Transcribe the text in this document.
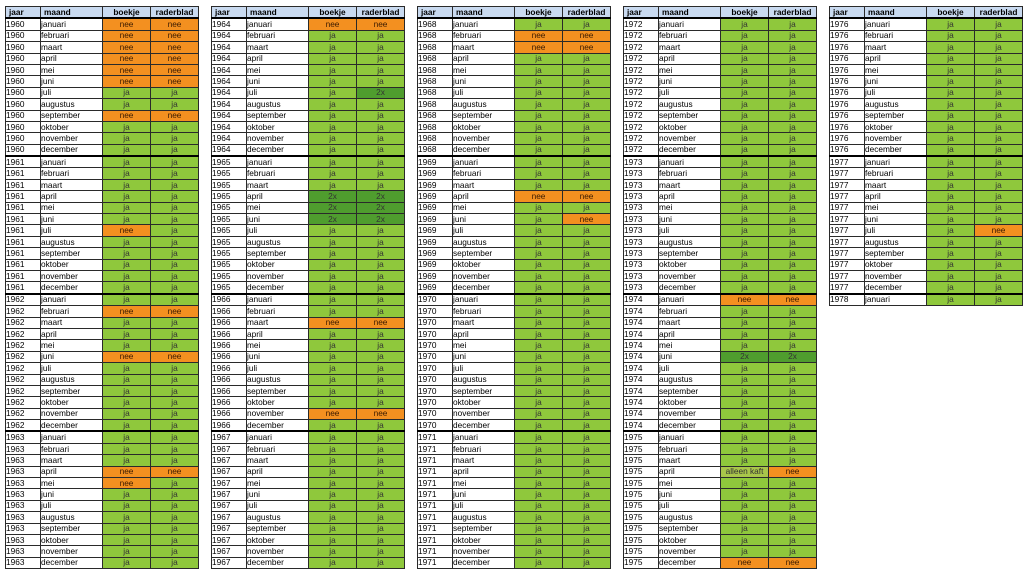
jaar	maand	boekje	raderblad
1960	januari	nee	nee
1960	februari	nee	nee
1960	maart	nee	nee
1960	april	nee	nee
1960	mei	nee	nee
1960	juni	nee	nee
1960	juli	ja	ja
1960	augustus	ja	ja
1960	september	nee	nee
1960	oktober	ja	ja
1960	november	ja	ja
1960	december	ja	ja
1961	januari	ja	ja
1961	februari	ja	ja
1961	maart	ja	ja
1961	april	ja	ja
1961	mei	ja	ja
1961	juni	ja	ja
1961	juli	nee	ja
1961	augustus	ja	ja
1961	september	ja	ja
1961	oktober	ja	ja
1961	november	ja	ja
1961	december	ja	ja
1962	januari	ja	ja
1962	februari	nee	nee
1962	maart	ja	ja
1962	april	ja	ja
1962	mei	ja	ja
1962	juni	nee	nee
1962	juli	ja	ja
1962	augustus	ja	ja
1962	september	ja	ja
1962	oktober	ja	ja
1962	november	ja	ja
1962	december	ja	ja
1963	januari	ja	ja
1963	februari	ja	ja
1963	maart	ja	ja
1963	april	nee	nee
1963	mei	nee	ja
1963	juni	ja	ja
1963	juli	ja	ja
1963	augustus	ja	ja
1963	september	ja	ja
1963	oktober	ja	ja
1963	november	ja	ja
1963	december	ja	ja
jaar	maand	boekje	raderblad
1964	januari	nee	nee
1964	februari	ja	ja
1964	maart	ja	ja
1964	april	ja	ja
1964	mei	ja	ja
1964	juni	ja	ja
1964	juli	ja	2x
1964	augustus	ja	ja
1964	september	ja	ja
1964	oktober	ja	ja
1964	november	ja	ja
1964	december	ja	ja
1965	januari	ja	ja
1965	februari	ja	ja
1965	maart	ja	ja
1965	april	2x	2x
1965	mei	2x	2x
1965	juni	2x	2x
1965	juli	ja	ja
1965	augustus	ja	ja
1965	september	ja	ja
1965	oktober	ja	ja
1965	november	ja	ja
1965	december	ja	ja
1966	januari	ja	ja
1966	februari	ja	ja
1966	maart	nee	nee
1966	april	ja	ja
1966	mei	ja	ja
1966	juni	ja	ja
1966	juli	ja	ja
1966	augustus	ja	ja
1966	september	ja	ja
1966	oktober	ja	ja
1966	november	nee	nee
1966	december	ja	ja
1967	januari	ja	ja
1967	februari	ja	ja
1967	maart	ja	ja
1967	april	ja	ja
1967	mei	ja	ja
1967	juni	ja	ja
1967	juli	ja	ja
1967	augustus	ja	ja
1967	september	ja	ja
1967	oktober	ja	ja
1967	november	ja	ja
1967	december	ja	ja
jaar	maand	boekje	raderblad
1968	januari	ja	ja
1968	februari	nee	nee
1968	maart	nee	nee
1968	april	ja	ja
1968	mei	ja	ja
1968	juni	ja	ja
1968	juli	ja	ja
1968	augustus	ja	ja
1968	september	ja	ja
1968	oktober	ja	ja
1968	november	ja	ja
1968	december	ja	ja
1969	januari	ja	ja
1969	februari	ja	ja
1969	maart	ja	ja
1969	april	nee	nee
1969	mei	ja	ja
1969	juni	ja	nee
1969	juli	ja	ja
1969	augustus	ja	ja
1969	september	ja	ja
1969	oktober	ja	ja
1969	november	ja	ja
1969	december	ja	ja
1970	januari	ja	ja
1970	februari	ja	ja
1970	maart	ja	ja
1970	april	ja	ja
1970	mei	ja	ja
1970	juni	ja	ja
1970	juli	ja	ja
1970	augustus	ja	ja
1970	september	ja	ja
1970	oktober	ja	ja
1970	november	ja	ja
1970	december	ja	ja
1971	januari	ja	ja
1971	februari	ja	ja
1971	maart	ja	ja
1971	april	ja	ja
1971	mei	ja	ja
1971	juni	ja	ja
1971	juli	ja	ja
1971	augustus	ja	ja
1971	september	ja	ja
1971	oktober	ja	ja
1971	november	ja	ja
1971	december	ja	ja
jaar	maand	boekje	raderblad
1972	januari	ja	ja
1972	februari	ja	ja
1972	maart	ja	ja
1972	april	ja	ja
1972	mei	ja	ja
1972	juni	ja	ja
1972	juli	ja	ja
1972	augustus	ja	ja
1972	september	ja	ja
1972	oktober	ja	ja
1972	november	ja	ja
1972	december	ja	ja
1973	januari	ja	ja
1973	februari	ja	ja
1973	maart	ja	ja
1973	april	ja	ja
1973	mei	ja	ja
1973	juni	ja	ja
1973	juli	ja	ja
1973	augustus	ja	ja
1973	september	ja	ja
1973	oktober	ja	ja
1973	november	ja	ja
1973	december	ja	ja
1974	januari	nee	nee
1974	februari	ja	ja
1974	maart	ja	ja
1974	april	ja	ja
1974	mei	ja	ja
1974	juni	2x	2x
1974	juli	ja	ja
1974	augustus	ja	ja
1974	september	ja	ja
1974	oktober	ja	ja
1974	november	ja	ja
1974	december	ja	ja
1975	januari	ja	ja
1975	februari	ja	ja
1975	maart	ja	ja
1975	april	alleen kaft	nee
1975	mei	ja	ja
1975	juni	ja	ja
1975	juli	ja	ja
1975	augustus	ja	ja
1975	september	ja	ja
1975	oktober	ja	ja
1975	november	ja	ja
1975	december	nee	nee
jaar	maand	boekje	raderblad
1976	januari	ja	ja
1976	februari	ja	ja
1976	maart	ja	ja
1976	april	ja	ja
1976	mei	ja	ja
1976	juni	ja	ja
1976	juli	ja	ja
1976	augustus	ja	ja
1976	september	ja	ja
1976	oktober	ja	ja
1976	november	ja	ja
1976	december	ja	ja
1977	januari	ja	ja
1977	februari	ja	ja
1977	maart	ja	ja
1977	april	ja	ja
1977	mei	ja	ja
1977	juni	ja	ja
1977	juli	ja	nee
1977	augustus	ja	ja
1977	september	ja	ja
1977	oktober	ja	ja
1977	november	ja	ja
1977	december	ja	ja
1978	januari	ja	ja
